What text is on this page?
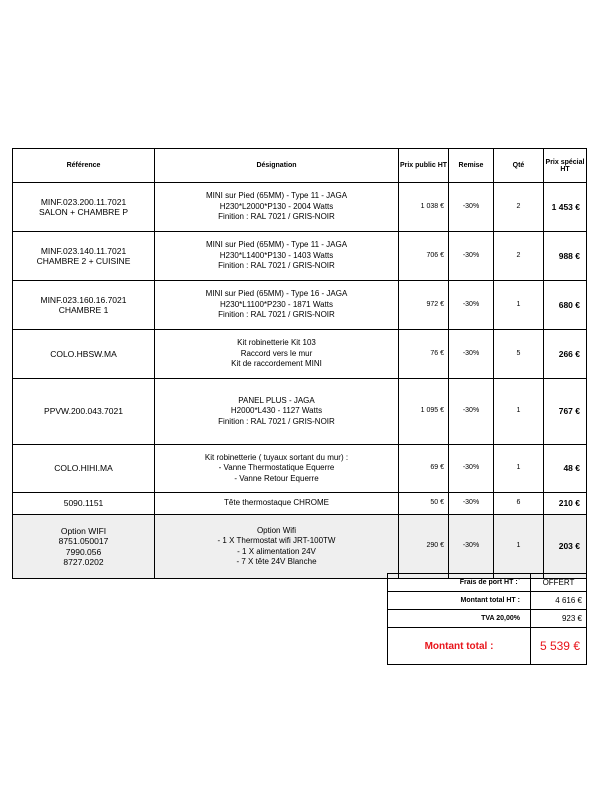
Référence	Désignation	Prix public HT	Remise	Qté	Prix spécial
HT

MINF.023.200.11.7021
SALON + CHAMBRE P	MINI sur Pied (65MM) - Type 11 - JAGA
H230*L2000*P130 - 2004 Watts
Finition : RAL 7021 / GRIS-NOIR	1 038 €	-30%	2	1 453 €

MINF.023.140.11.7021
CHAMBRE 2 + CUISINE	MINI sur Pied (65MM) - Type 11 - JAGA
H230*L1400*P130 - 1403 Watts
Finition : RAL 7021 / GRIS-NOIR	706 €	-30%	2	988 €

MINF.023.160.16.7021
CHAMBRE 1	MINI sur Pied (65MM) - Type 16 - JAGA
H230*L1100*P230 - 1871 Watts
Finition : RAL 7021 / GRIS-NOIR	972 €	-30%	1	680 €

COLO.HBSW.MA	Kit robinetterie Kit 103
Raccord vers le mur
Kit de raccordement MINI	76 €	-30%	5	266 €

PPVW.200.043.7021	PANEL PLUS - JAGA
H2000*L430 - 1127 Watts
Finition : RAL 7021 / GRIS-NOIR	1 095 €	-30%	1	767 €

COLO.HIHI.MA	Kit robinetterie ( tuyaux sortant du mur) :
- Vanne Thermostatique Equerre
- Vanne Retour Equerre	69 €	-30%	1	48 €

5090.1151	Tête thermostaque CHROME	50 €	-30%	6	210 €

Option WIFI
8751.050017
7990.056
8727.0202	Option Wifi
- 1 X Thermostat wifi JRT-100TW
- 1 X alimentation 24V
- 7 X tête 24V Blanche	290 €	-30%	1	203 €
Frais de port HT :`	OFFERT
Montant total HT :	4 616 €
TVA 20,00%	923 €
Montant total :	5 539 €
